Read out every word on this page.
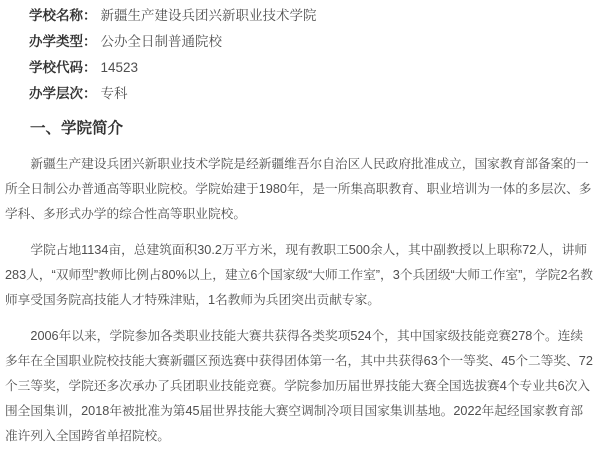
学校名称： 新疆生产建设兵团兴新职业技术学院
办学类型： 公办全日制普通院校
学校代码： 14523
办学层次： 专科
一、学院简介

新疆生产建设兵团兴新职业技术学院是经新疆维吾尔自治区人民政府批准成立，国家教育部备案的一所全日制公办普通高等职业院校。学院始建于1980年，是一所集高职教育、职业培训为一体的多层次、多学科、多形式办学的综合性高等职业院校。

学院占地1134亩，总建筑面积30.2万平方米，现有教职工500余人，其中副教授以上职称72人，讲师283人，“双师型”教师比例占80%以上，建立6个国家级“大师工作室”，3个兵团级“大师工作室”，学院2名教师享受国务院高技能人才特殊津贴，1名教师为兵团突出贡献专家。

2006年以来，学院参加各类职业技能大赛共获得各类奖项524个，其中国家级技能竞赛278个。连续多年在全国职业院校技能大赛新疆区预选赛中获得团体第一名，其中共获得63个一等奖、45个二等奖、72个三等奖，学院还多次承办了兵团职业技能竞赛。学院参加历届世界技能大赛全国选拔赛4个专业共6次入围全国集训，2018年被批准为第45届世界技能大赛空调制冷项目国家集训基地。2022年起经国家教育部准许列入全国跨省单招院校。
